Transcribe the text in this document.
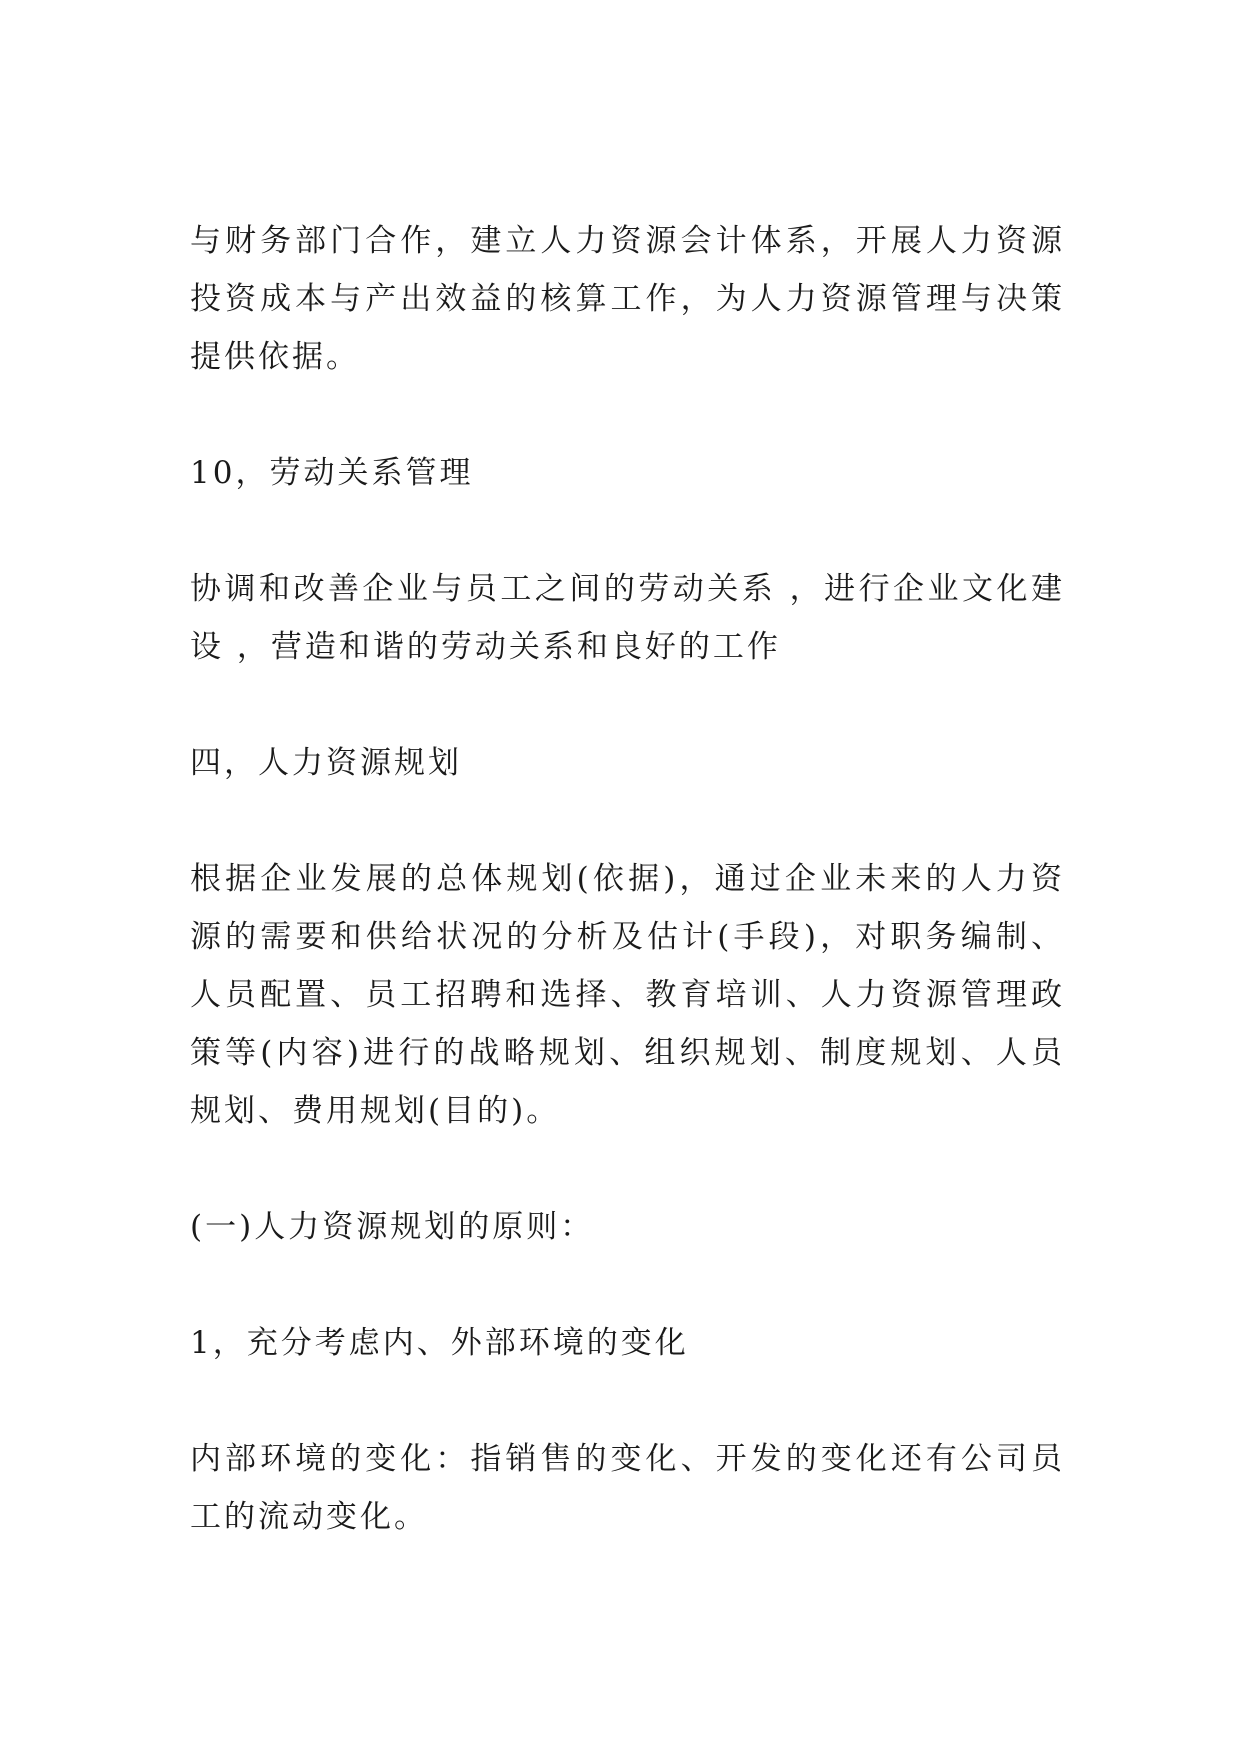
与财务部门合作，建立人力资源会计体系，开展人力资源投资成本与产出效益的核算工作，为人力资源管理与决策提供依据。

10，劳动关系管理

协调和改善企业与员工之间的劳动关系 ，进行企业文化建设 ，营造和谐的劳动关系和良好的工作

四，人力资源规划

根据企业发展的总体规划(依据)，通过企业未来的人力资源的需要和供给状况的分析及估计(手段)，对职务编制、人员配置、员工招聘和选择、教育培训、人力资源管理政策等(内容)进行的战略规划、组织规划、制度规划、人员规划、费用规划(目的)。

(一)人力资源规划的原则：

1，充分考虑内、外部环境的变化

内部环境的变化：指销售的变化、开发的变化还有公司员工的流动变化。
